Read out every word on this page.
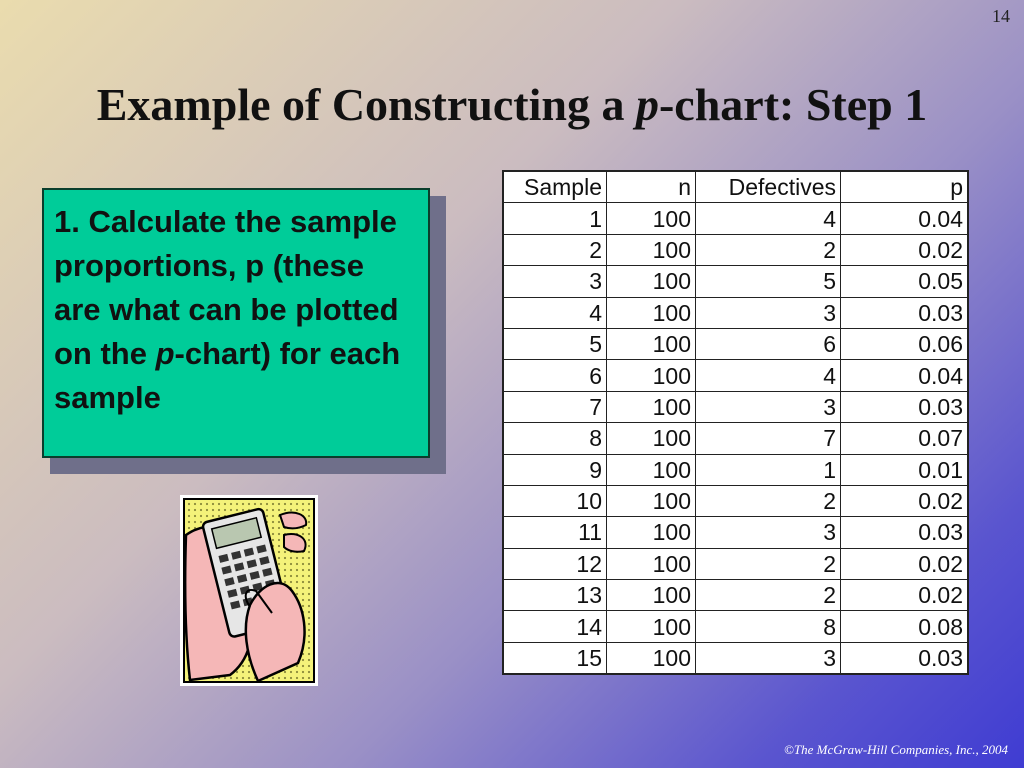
14
Example of Constructing a p-chart: Step 1

1. Calculate the sample proportions, p (these are what can be plotted on the p-chart) for each sample

Sample	n	Defectives	p
1	100	4	0.04
2	100	2	0.02
3	100	5	0.05
4	100	3	0.03
5	100	6	0.06
6	100	4	0.04
7	100	3	0.03
8	100	7	0.07
9	100	1	0.01
10	100	2	0.02
11	100	3	0.03
12	100	2	0.02
13	100	2	0.02
14	100	8	0.08
15	100	3	0.03
©The McGraw-Hill Companies, Inc., 2004
